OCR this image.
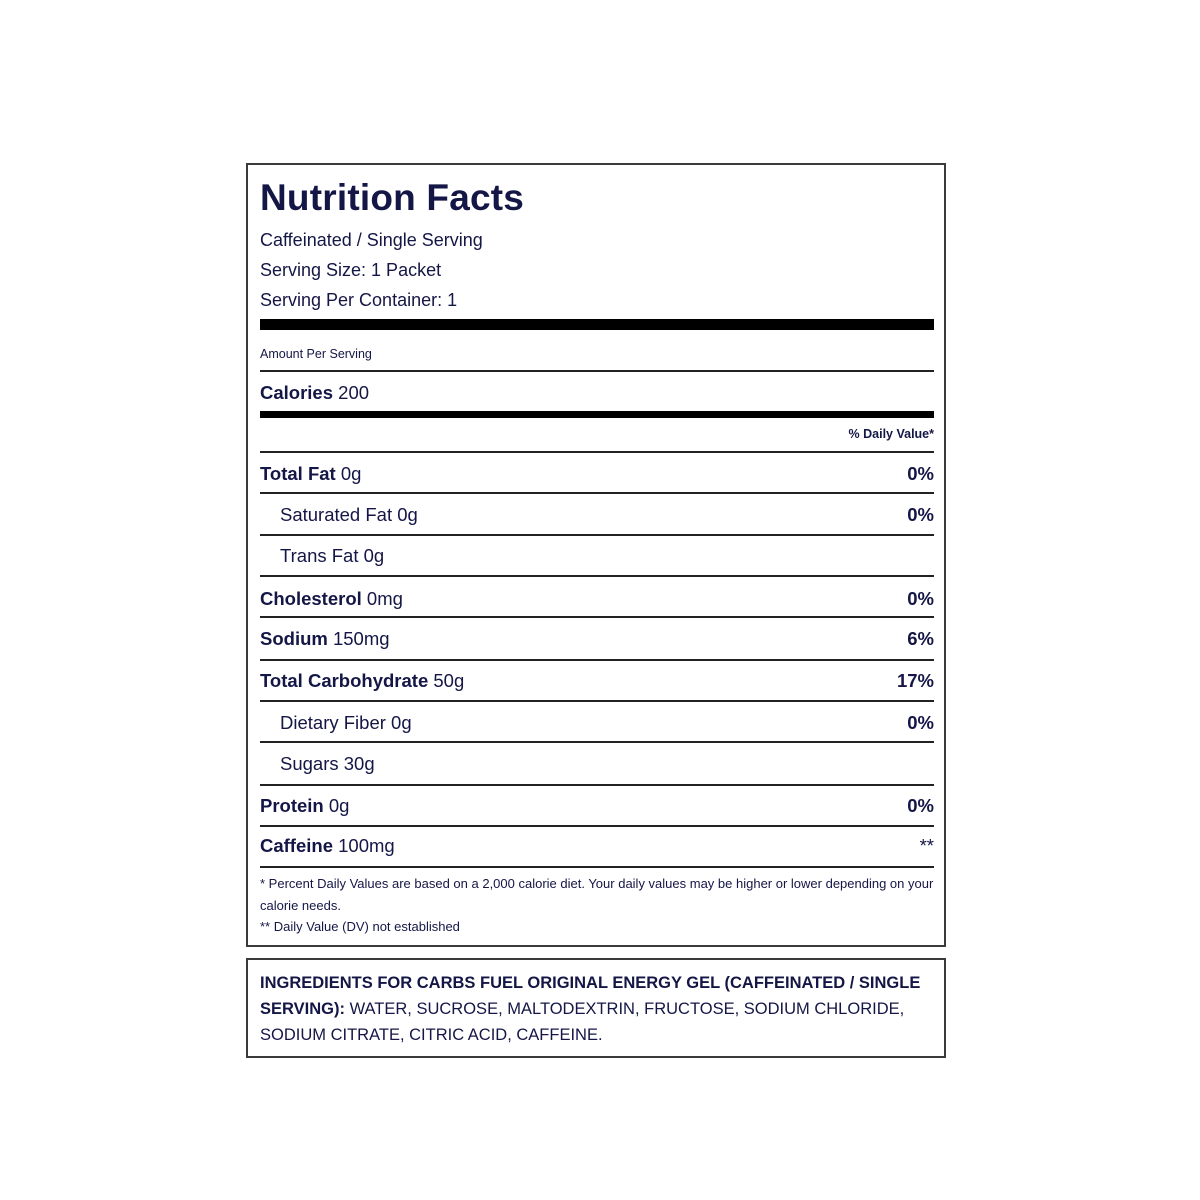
Nutrition Facts
Caffeinated / Single Serving
Serving Size: 1 Packet
Serving Per Container: 1
Amount Per Serving
Calories 200
% Daily Value*
Total Fat 0g	0%
Saturated Fat 0g	0%
Trans Fat 0g
Cholesterol 0mg	0%
Sodium 150mg	6%
Total Carbohydrate 50g	17%
Dietary Fiber 0g	0%
Sugars 30g
Protein 0g	0%
Caffeine 100mg	**
* Percent Daily Values are based on a 2,000 calorie diet. Your daily values may be higher or lower depending on your calorie needs.
** Daily Value (DV) not established
INGREDIENTS FOR CARBS FUEL ORIGINAL ENERGY GEL (CAFFEINATED / SINGLE SERVING): WATER, SUCROSE, MALTODEXTRIN, FRUCTOSE, SODIUM CHLORIDE, SODIUM CITRATE, CITRIC ACID, CAFFEINE.
